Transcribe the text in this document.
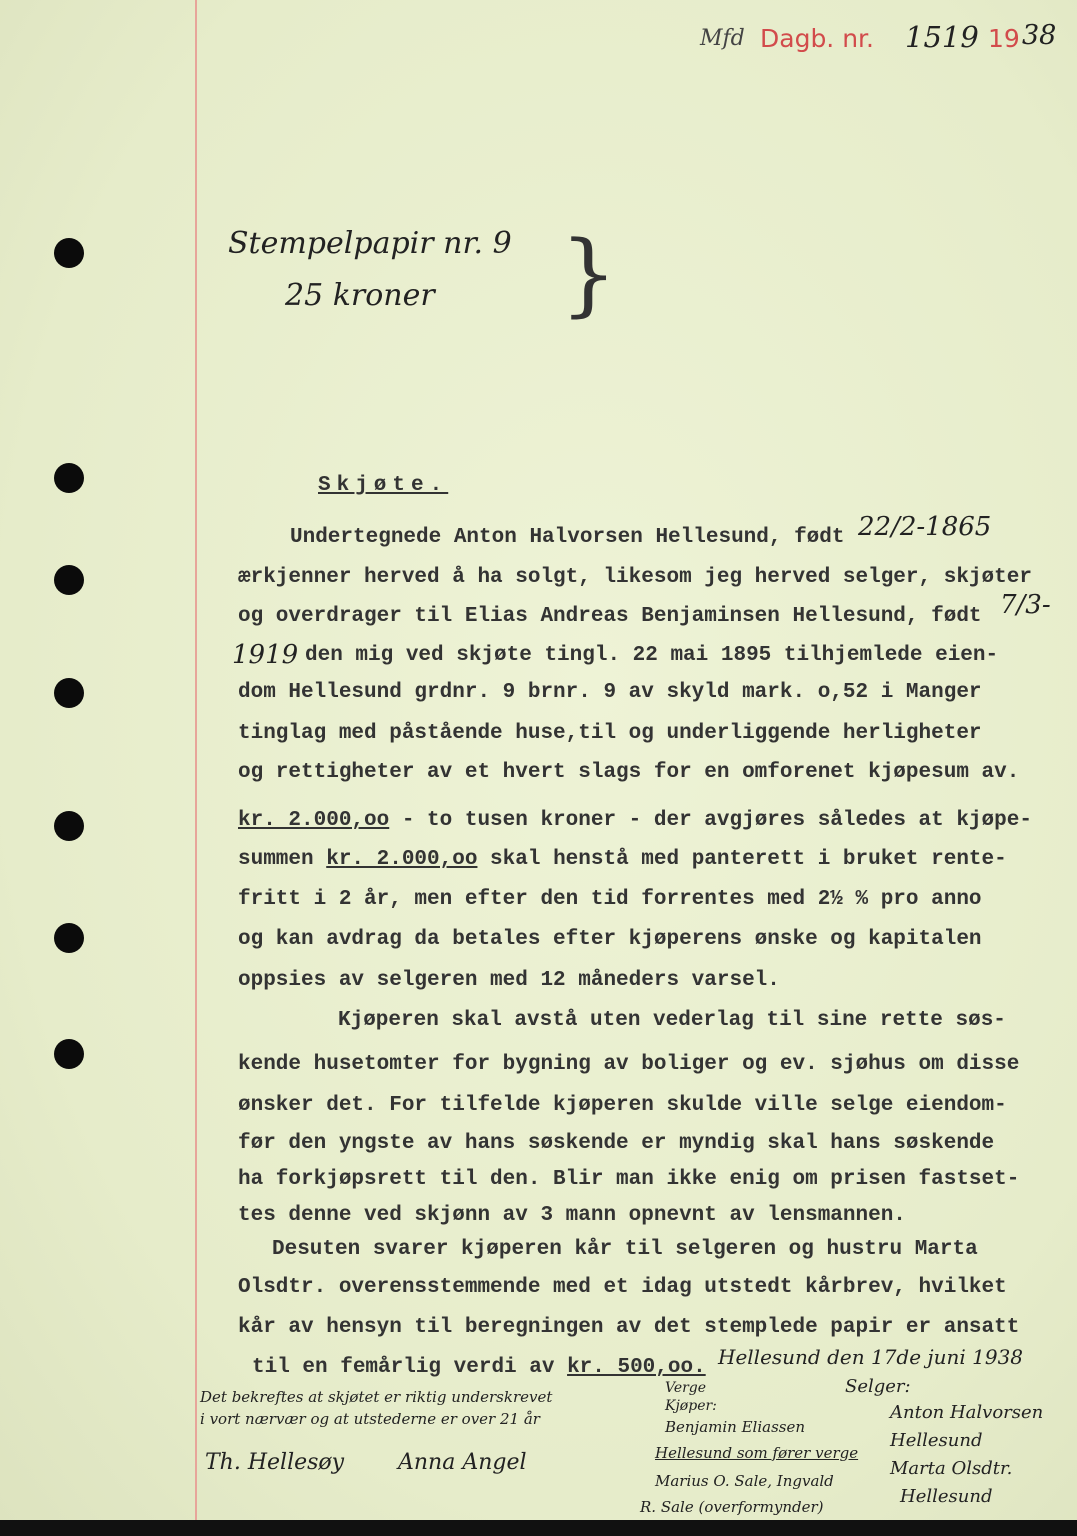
Mfd Dagb. nr. 1519 19 38
Stempelpapir nr. 9
25 kroner }
Skjøte.
Undertegnede Anton Halvorsen Hellesund, født 22/2-1865
ærkjenner herved å ha solgt, likesom jeg herved selger, skjøter
og overdrager til Elias Andreas Benjaminsen Hellesund, født 7/3-
1919 den mig ved skjøte tingl. 22 mai 1895 tilhjemlede eien-
dom Hellesund grdnr. 9 brnr. 9 av skyld mark. o,52 i Manger
tinglag med påstående huse,til og underliggende herligheter
og rettigheter av et hvert slags for en omforenet kjøpesum av.
kr. 2.000,oo - to tusen kroner - der avgjøres således at kjøpe-
summen kr. 2.000,oo skal henstå med panterett i bruket rente-
fritt i 2 år, men efter den tid forrentes med 2½ % pro anno
og kan avdrag da betales efter kjøperens ønske og kapitalen
oppsies av selgeren med 12 måneders varsel.
Kjøperen skal avstå uten vederlag til sine rette søs-
kende husetomter for bygning av boliger og ev. sjøhus om disse
ønsker det. For tilfelde kjøperen skulde ville selge eiendom-
før den yngste av hans søskende er myndig skal hans søskende
ha forkjøpsrett til den. Blir man ikke enig om prisen fastset-
tes denne ved skjønn av 3 mann opnevnt av lensmannen.
Desuten svarer kjøperen kår til selgeren og hustru Marta
Olsdtr. overensstemmende med et idag utstedt kårbrev, hvilket
kår av hensyn til beregningen av det stemplede papir er ansatt
til en femårlig verdi av kr. 500,oo. Hellesund den 17de juni 1938
Selger:
Anton Halvorsen
Hellesund
Marta Olsdtr.
Hellesund
Verge
Kjøper:
Benjamin Eliassen
Hellesund som fører verge
Marius O. Sale, Ingvald
R. Sale (overformynder)
Det bekreftes at skjøtet er riktig underskrevet
i vort nærvær og at utstederne er over 21 år
Th. Hellesøy Anna Angel
